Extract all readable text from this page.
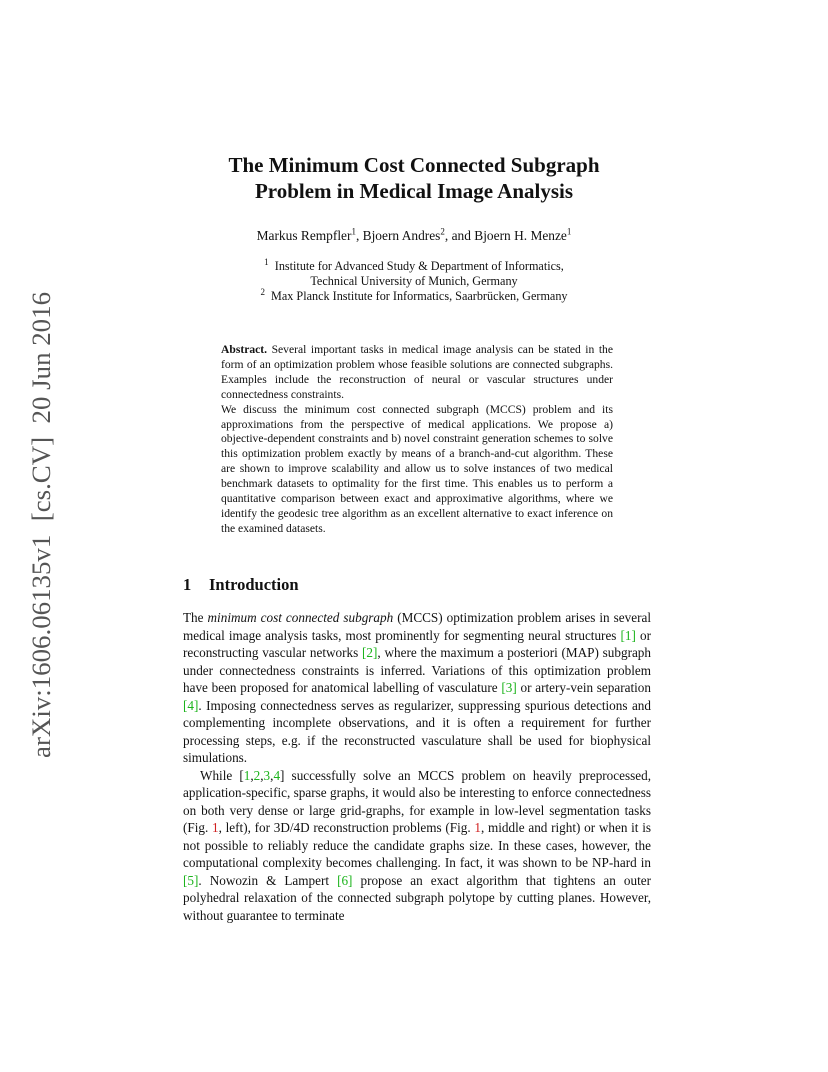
arXiv:1606.06135v1  [cs.CV]  20 Jun 2016
The Minimum Cost Connected Subgraph
Problem in Medical Image Analysis
Markus Rempfler$^1$, Bjoern Andres$^2$, and Bjoern H. Menze$^1$
$^1$ Institute for Advanced Study & Department of Informatics,
Technical University of Munich, Germany
$^2$ Max Planck Institute for Informatics, Saarbrücken, Germany

Abstract. Several important tasks in medical image analysis can be stated in the form of an optimization problem whose feasible solutions are connected subgraphs. Examples include the reconstruction of neural or vascular structures under connectedness constraints.

We discuss the minimum cost connected subgraph (MCCS) problem and its approximations from the perspective of medical applications. We propose a) objective-dependent constraints and b) novel constraint generation schemes to solve this optimization problem exactly by means of a branch-and-cut algorithm. These are shown to improve scalability and allow us to solve instances of two medical benchmark datasets to optimality for the first time. This enables us to perform a quantitative comparison between exact and approximative algorithms, where we identify the geodesic tree algorithm as an excellent alternative to exact inference on the examined datasets.

1 Introduction

The minimum cost connected subgraph (MCCS) optimization problem arises in several medical image analysis tasks, most prominently for segmenting neural structures [1] or reconstructing vascular networks [2], where the maximum a posteriori (MAP) subgraph under connectedness constraints is inferred. Variations of this optimization problem have been proposed for anatomical labelling of vasculature [3] or artery-vein separation [4]. Imposing connectedness serves as regularizer, suppressing spurious detections and complementing incomplete observations, and it is often a requirement for further processing steps, e.g. if the reconstructed vasculature shall be used for biophysical simulations.

While [1,2,3,4] successfully solve an MCCS problem on heavily preprocessed, application-specific, sparse graphs, it would also be interesting to enforce connectedness on both very dense or large grid-graphs, for example in low-level segmentation tasks (Fig. 1, left), for 3D/4D reconstruction problems (Fig. 1, middle and right) or when it is not possible to reliably reduce the candidate graphs size. In these cases, however, the computational complexity becomes challenging. In fact, it was shown to be NP-hard in [5]. Nowozin & Lampert [6] propose an exact algorithm that tightens an outer polyhedral relaxation of the connected subgraph polytope by cutting planes. However, without guarantee to terminate
